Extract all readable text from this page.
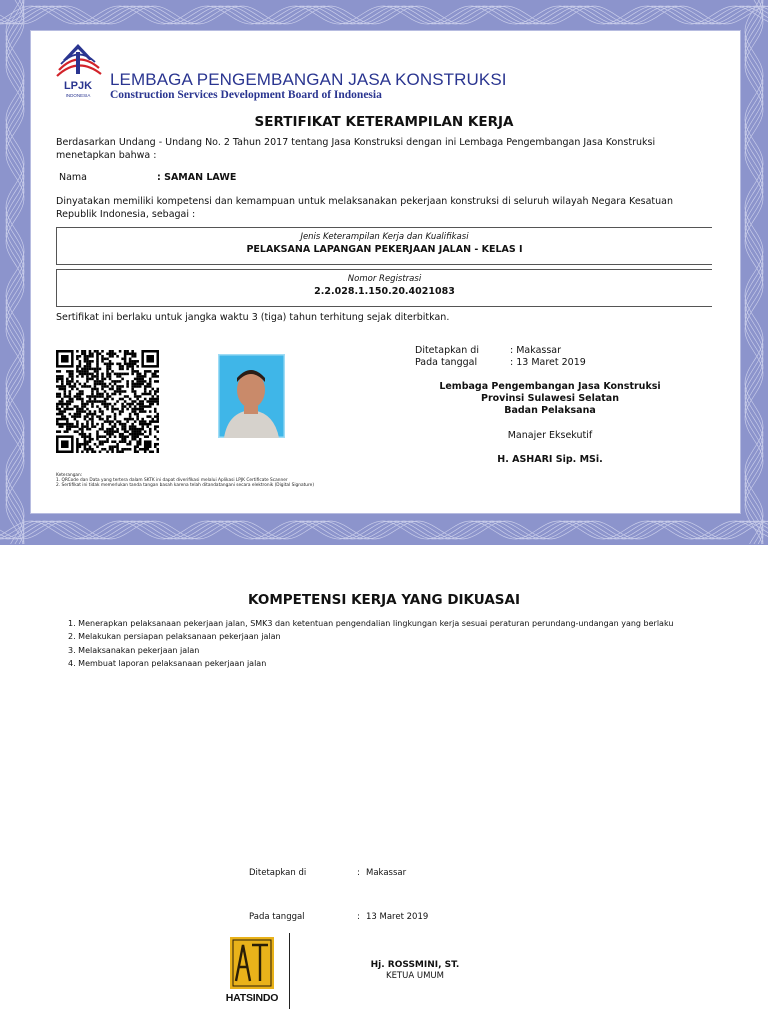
LPJK
INDONESIA
LEMBAGA PENGEMBANGAN JASA KONSTRUKSI
Construction Services Development Board of Indonesia
SERTIFIKAT KETERAMPILAN KERJA
Berdasarkan Undang - Undang No. 2 Tahun 2017 tentang Jasa Konstruksi dengan ini Lembaga Pengembangan Jasa Konstruksi menetapkan bahwa :
Nama	: SAMAN LAWE
Dinyatakan memiliki kompetensi dan kemampuan untuk melaksanakan pekerjaan konstruksi di seluruh wilayah Negara Kesatuan Republik Indonesia, sebagai :
Jenis Keterampilan Kerja dan Kualifikasi
PELAKSANA LAPANGAN PEKERJAAN JALAN - KELAS I
Nomor Registrasi
2.2.028.1.150.20.4021083
Sertifikat ini berlaku untuk jangka waktu 3 (tiga) tahun terhitung sejak diterbitkan.
Ditetapkan di	: Makassar
Pada tanggal	: 13 Maret 2019
Lembaga Pengembangan Jasa Konstruksi
Provinsi Sulawesi Selatan
Badan Pelaksana
Manajer Eksekutif
H. ASHARI Sip. MSi.
Keterangan:
1. QRCode dan Data yang tertera dalam SKTK ini dapat diverifikasi melalui Aplikasi LPJK Certificate Scanner
2. Sertifikat ini tidak memerlukan tanda tangan basah karena telah ditandatangani secara elektronik (Digital Signature)
KOMPETENSI KERJA YANG DIKUASAI
1. Menerapkan pelaksanaan pekerjaan jalan, SMK3 dan ketentuan pengendalian lingkungan kerja sesuai peraturan perundang-undangan yang berlaku
2. Melakukan persiapan pelaksanaan pekerjaan jalan
3. Melaksanakan pekerjaan jalan
4. Membuat laporan pelaksanaan pekerjaan jalan
Ditetapkan di	: Makassar
Pada tanggal	: 13 Maret 2019
HATSINDO
Hj. ROSSMINI, ST.
KETUA UMUM
